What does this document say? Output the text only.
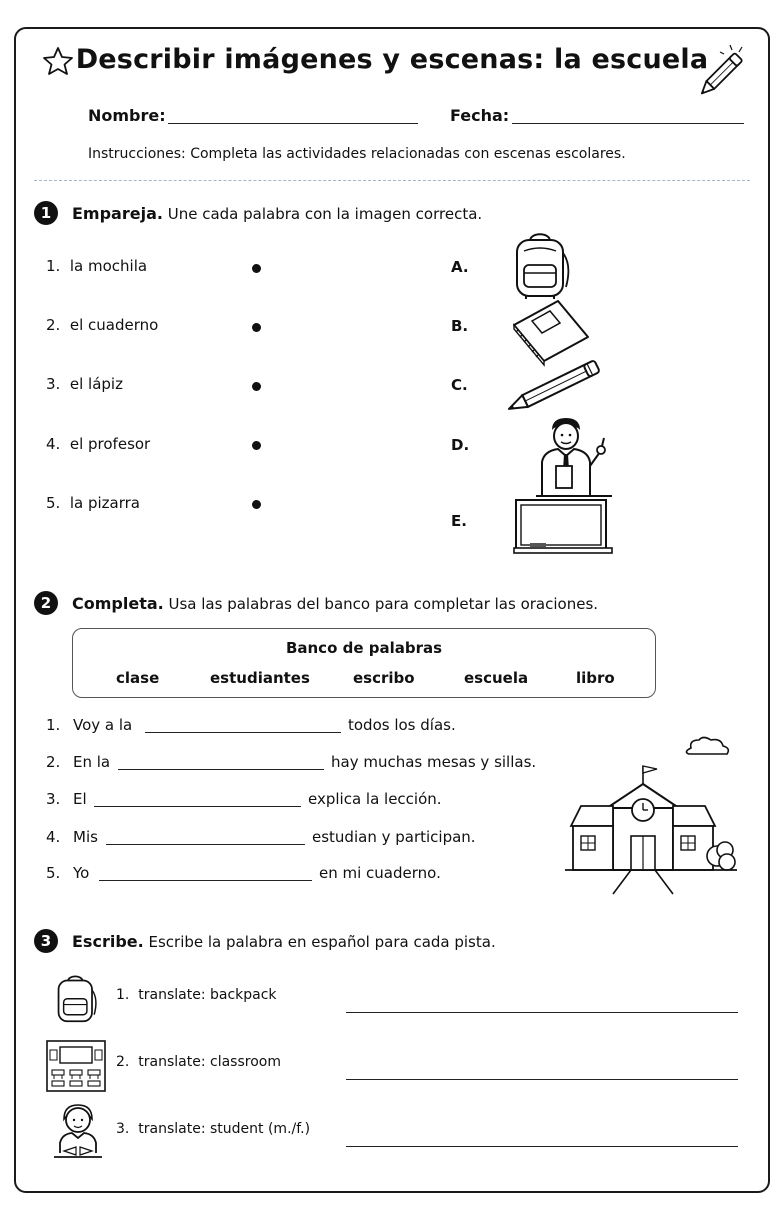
Describir imágenes y escenas: la escuela
Nombre:	Fecha:
Instrucciones: Completa las actividades relacionadas con escenas escolares.
1	Empareja. Une cada palabra con la imagen correcta.
1. la mochila
2. el cuaderno
3. el lápiz
4. el profesor
5. la pizarra
A.
B.
C.
D.
E.
2	Completa. Usa las palabras del banco para completar las oraciones.
Banco de palabras
clase	estudiantes	escribo	escuela	libro
1. Voy a la	todos los días.
2. En la	hay muchas mesas y sillas.
3. El	explica la lección.
4. Mis	estudian y participan.
5. Yo	en mi cuaderno.
3	Escribe. Escribe la palabra en español para cada pista.
1. translate: backpack
2. translate: classroom
3. translate: student (m./f.)
